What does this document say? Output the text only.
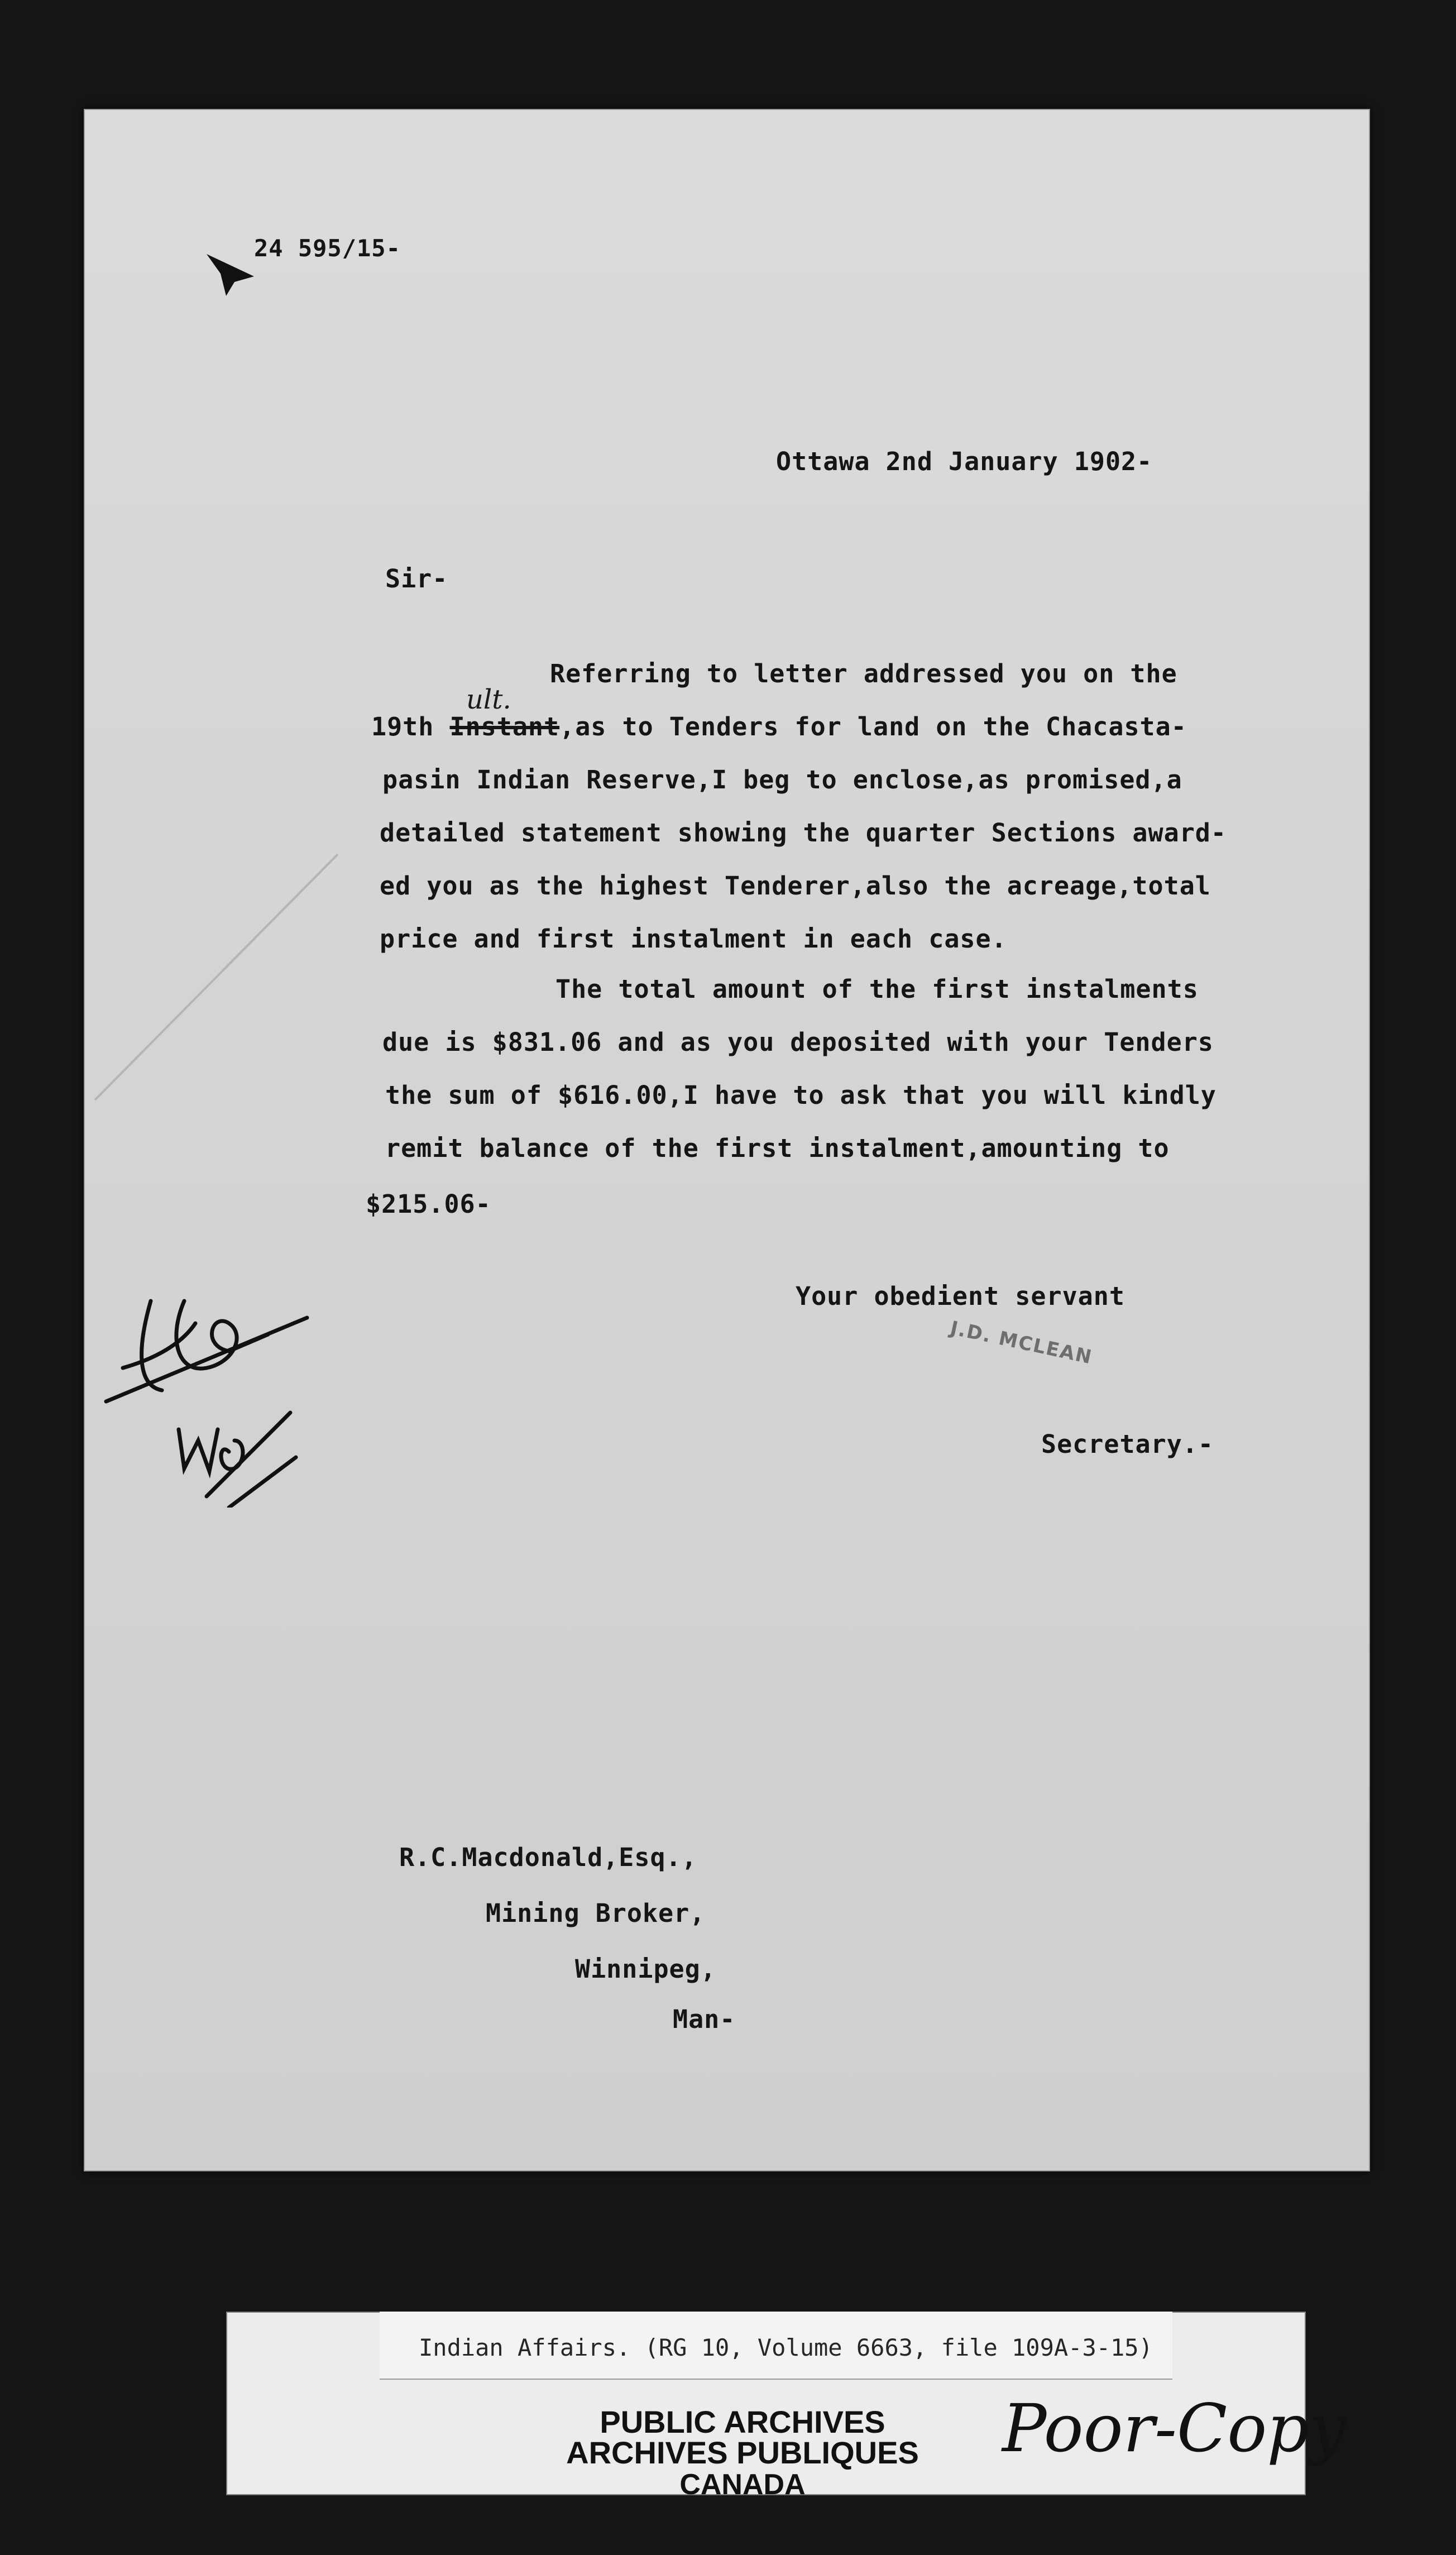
24 595/15-
Ottawa 2nd January 1902-
Sir-
Referring to letter addressed you on the
19th Instant,as to Tenders for land on the Chacasta-
ult.
pasin Indian Reserve,I beg to enclose,as promised,a
detailed statement showing the quarter Sections award-
ed you as the highest Tenderer,also the acreage,total
price and first instalment in each case.
The total amount of the first instalments
due is $831.06 and as you deposited with your Tenders
the sum of $616.00,I have to ask that you will kindly
remit balance of the first instalment,amounting to
$215.06-
Your obedient servant
J.D. MCLEAN
Secretary.-
R.C.Macdonald,Esq.,
Mining Broker,
Winnipeg,
Man-
Indian Affairs. (RG 10, Volume 6663, file 109A-3-15)
PUBLIC ARCHIVES
ARCHIVES PUBLIQUES
CANADA
Poor-Copy
